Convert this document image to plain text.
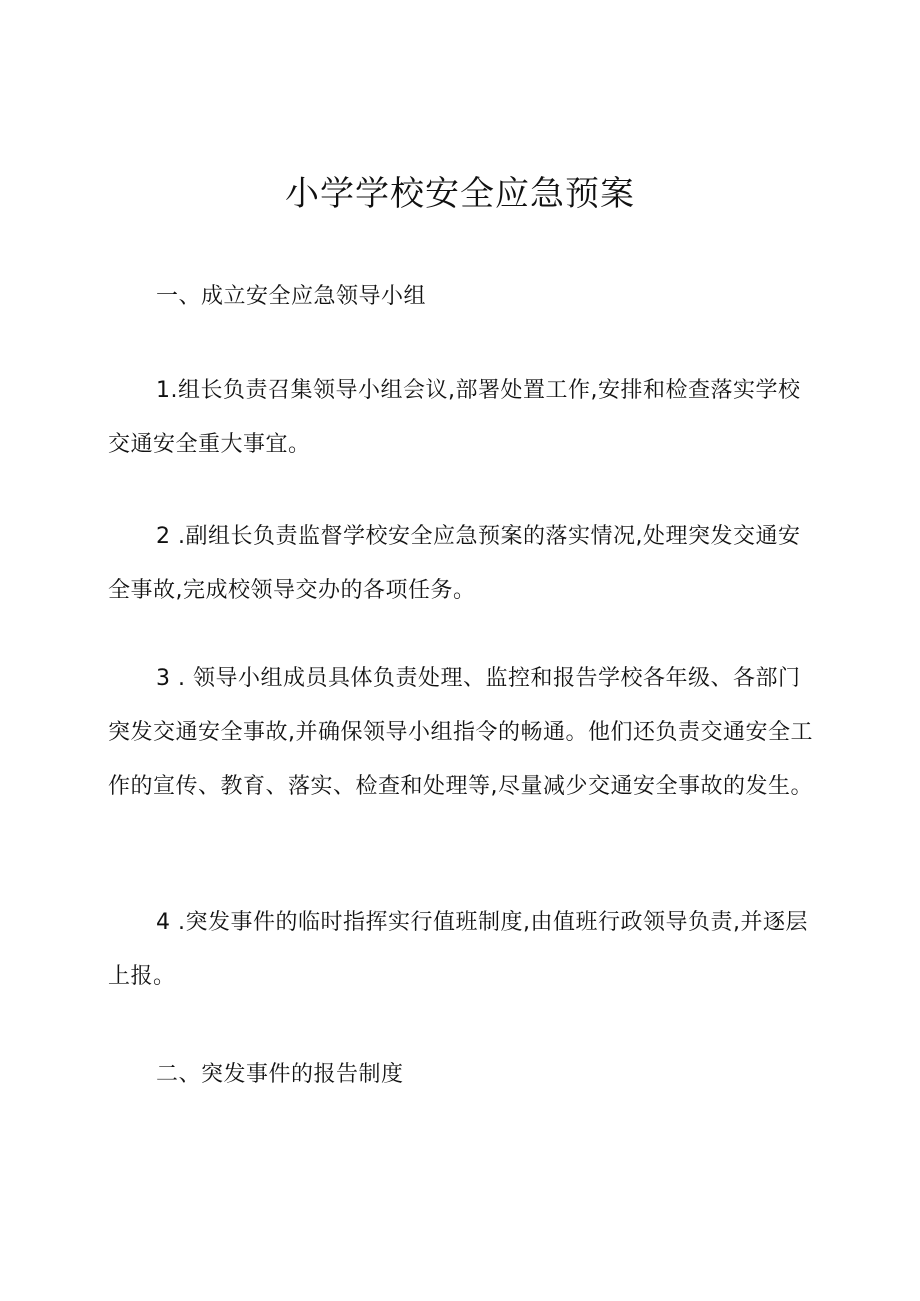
小学学校安全应急预案

一、成立安全应急领导小组

1.组长负责召集领导小组会议,部署处置工作,安排和检查落实学校交通安全重大事宜。

2 .副组长负责监督学校安全应急预案的落实情况,处理突发交通安全事故,完成校领导交办的各项任务。

3 . 领导小组成员具体负责处理、监控和报告学校各年级、各部门突发交通安全事故,并确保领导小组指令的畅通。他们还负责交通安全工作的宣传、教育、落实、检查和处理等,尽量减少交通安全事故的发生。

4 .突发事件的临时指挥实行值班制度,由值班行政领导负责,并逐层上报。

二、突发事件的报告制度
